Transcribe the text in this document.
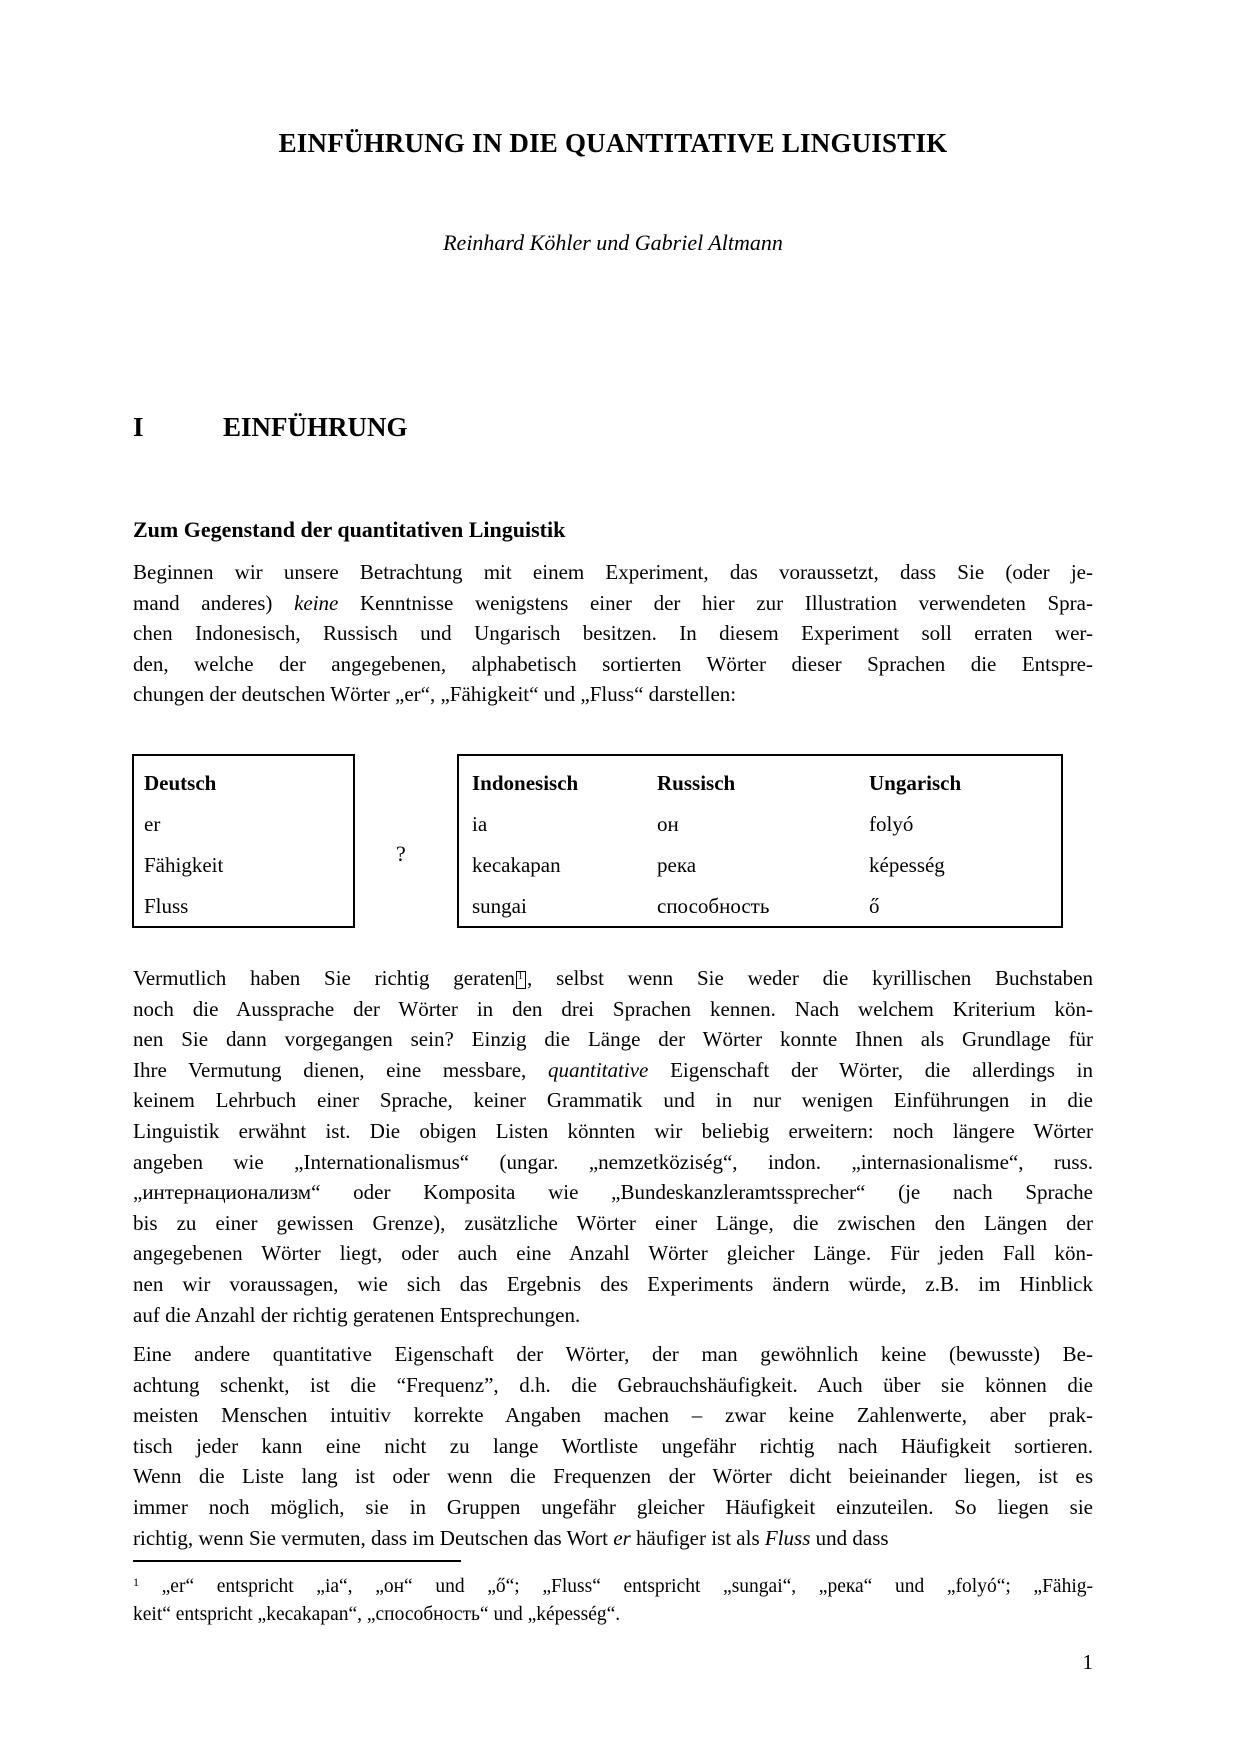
EINFÜHRUNG IN DIE QUANTITATIVE LINGUISTIK
Reinhard Köhler und Gabriel Altmann
I	EINFÜHRUNG
Zum Gegenstand der quantitativen Linguistik
Beginnen wir unsere Betrachtung mit einem Experiment, das voraussetzt, dass Sie (oder je-
mand anderes) keine Kenntnisse wenigstens einer der hier zur Illustration verwendeten Spra-
chen Indonesisch, Russisch und Ungarisch besitzen. In diesem Experiment soll erraten wer-
den, welche der angegebenen, alphabetisch sortierten Wörter dieser Sprachen die Entspre-
chungen der deutschen Wörter „er“, „Fähigkeit“ und „Fluss“ darstellen:
Deutsch
er
Fähigkeit
Fluss
?
Indonesisch	Russisch	Ungarisch
ia	он	folyó
kecakapan	река	képesség
sungai	способность	ő
Vermutlich haben Sie richtig geraten $^1$ , selbst wenn Sie weder die kyrillischen Buchstaben
noch die Aussprache der Wörter in den drei Sprachen kennen. Nach welchem Kriterium kön-
nen Sie dann vorgegangen sein? Einzig die Länge der Wörter konnte Ihnen als Grundlage für
Ihre Vermutung dienen, eine messbare, quantitative Eigenschaft der Wörter, die allerdings in
keinem Lehrbuch einer Sprache, keiner Grammatik und in nur wenigen Einführungen in die
Linguistik erwähnt ist. Die obigen Listen könnten wir beliebig erweitern: noch längere Wörter
angeben wie „Internationalismus“ (ungar. „nemzetköziség“, indon. „internasionalisme“, russ.
„интернационализм“ oder Komposita wie „Bundeskanzleramtssprecher“ (je nach Sprache
bis zu einer gewissen Grenze), zusätzliche Wörter einer Länge, die zwischen den Längen der
angegebenen Wörter liegt, oder auch eine Anzahl Wörter gleicher Länge. Für jeden Fall kön-
nen wir voraussagen, wie sich das Ergebnis des Experiments ändern würde, z.B. im Hinblick
auf die Anzahl der richtig geratenen Entsprechungen.
Eine andere quantitative Eigenschaft der Wörter, der man gewöhnlich keine (bewusste) Be-
achtung schenkt, ist die “Frequenz”, d.h. die Gebrauchshäufigkeit. Auch über sie können die
meisten Menschen intuitiv korrekte Angaben machen – zwar keine Zahlenwerte, aber prak-
tisch jeder kann eine nicht zu lange Wortliste ungefähr richtig nach Häufigkeit sortieren.
Wenn die Liste lang ist oder wenn die Frequenzen der Wörter dicht beieinander liegen, ist es
immer noch möglich, sie in Gruppen ungefähr gleicher Häufigkeit einzuteilen. So liegen sie
richtig, wenn Sie vermuten, dass im Deutschen das Wort er häufiger ist als Fluss und dass
$^1$ „er“ entspricht „ia“, „он“ und „ő“; „Fluss“ entspricht „sungai“, „река“ und „folyó“; „Fähig-
keit“ entspricht „kecakapan“, „способность“ und „képesség“.
1
